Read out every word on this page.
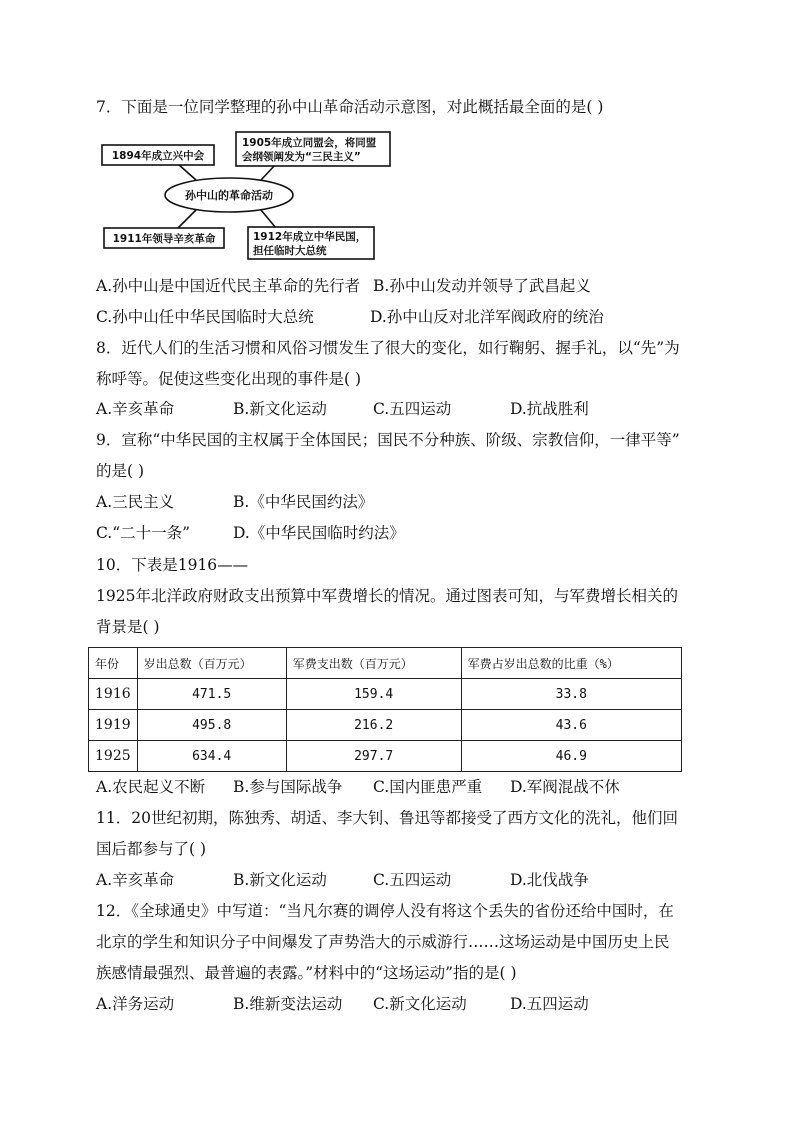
7．下面是一位同学整理的孙中山革命活动示意图，对此概括最全面的是( )
1894年成立兴中会
1905年成立同盟会，将同盟
会纲领阐发为“三民主义”
孙中山的革命活动
1911年领导辛亥革命	1912年成立中华民国，
担任临时大总统
A.孙中山是中国近代民主革命的先行者 B.孙中山发动并领导了武昌起义
C.孙中山任中华民国临时大总统	D.孙中山反对北洋军阀政府的统治
8．近代人们的生活习惯和风俗习惯发生了很大的变化，如行鞠躬、握手礼，以“先”为
称呼等。促使这些变化出现的事件是( )
A.辛亥革命	B.新文化运动	C.五四运动	D.抗战胜利
9．宣称“中华民国的主权属于全体国民；国民不分种族、阶级、宗教信仰，一律平等”
的是( )
A.三民主义	B.《中华民国约法》
C.“二十一条”	D.《中华民国临时约法》
10．下表是1916——
1925年北洋政府财政支出预算中军费增长的情况。通过图表可知，与军费增长相关的
背景是( )
年份	岁出总数（百万元）	军费支出数（百万元）	军费占岁出总数的比重（%）
1916	471.5	159.4	33.8
1919	495.8	216.2	43.6
1925	634.4	297.7	46.9
A.农民起义不断 B.参与国际战争 C.国内匪患严重 D.军阀混战不休
11．20世纪初期，陈独秀、胡适、李大钊、鲁迅等都接受了西方文化的洗礼，他们回
国后都参与了( )
A.辛亥革命	B.新文化运动	C.五四运动	D.北伐战争
12．《全球通史》中写道：“当凡尔赛的调停人没有将这个丢失的省份还给中国时，在
北京的学生和知识分子中间爆发了声势浩大的示威游行……这场运动是中国历史上民
族感情最强烈、最普遍的表露。”材料中的“这场运动”指的是( )
A.洋务运动	B.维新变法运动 C.新文化运动	D.五四运动
